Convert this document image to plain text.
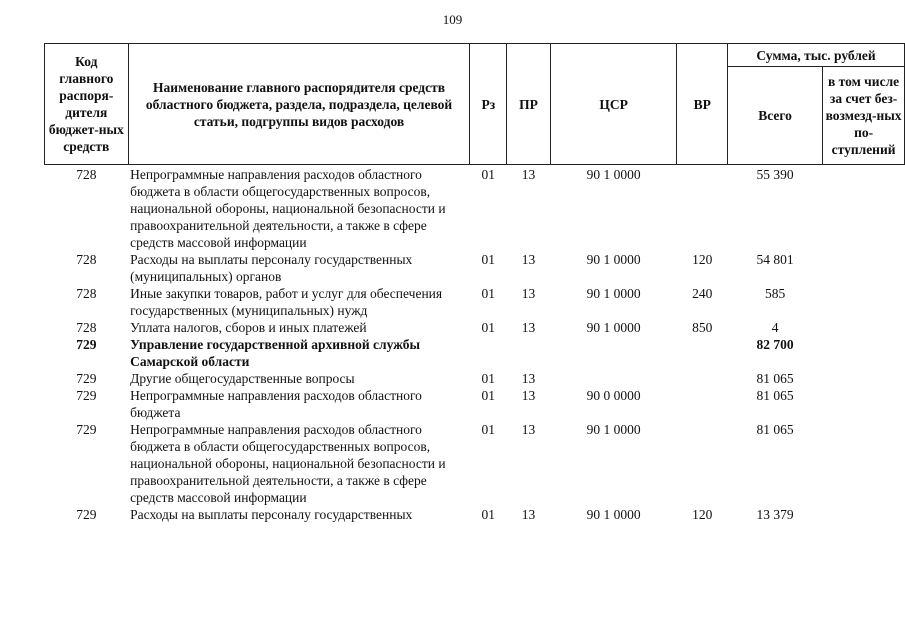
109
Код главного распоря-дителя бюджет-ных средств	Наименование главного распорядителя средств областного бюджета, раздела, подраздела, целевой статьи, подгруппы видов расходов	Рз	ПР	ЦСР	ВР	Сумма, тыс. рублей	
						Всего	в том числе за счет без-возмезд-ных по-ступлений
728	Непрограммные направления расходов областного бюджета в области общегосударственных вопросов, национальной обороны, национальной безопасности и правоохранительной деятельности, а также в сфере средств массовой информации	01	13	90 1 0000		55 390	
728	Расходы на выплаты персоналу государственных (муниципальных) органов	01	13	90 1 0000	120	54 801	
728	Иные закупки товаров, работ и услуг для обеспечения государственных (муниципальных) нужд	01	13	90 1 0000	240	585	
728	Уплата налогов, сборов и иных платежей	01	13	90 1 0000	850	4	
729	Управление государственной архивной службы Самарской области					82 700	
729	Другие общегосударственные вопросы	01	13			81 065	
729	Непрограммные направления расходов областного бюджета	01	13	90 0 0000		81 065	
729	Непрограммные направления расходов областного бюджета в области общегосударственных вопросов, национальной обороны, национальной безопасности и правоохранительной деятельности, а также в сфере средств массовой информации	01	13	90 1 0000		81 065	
729	Расходы на выплаты персоналу государственных	01	13	90 1 0000	120	13 379	
